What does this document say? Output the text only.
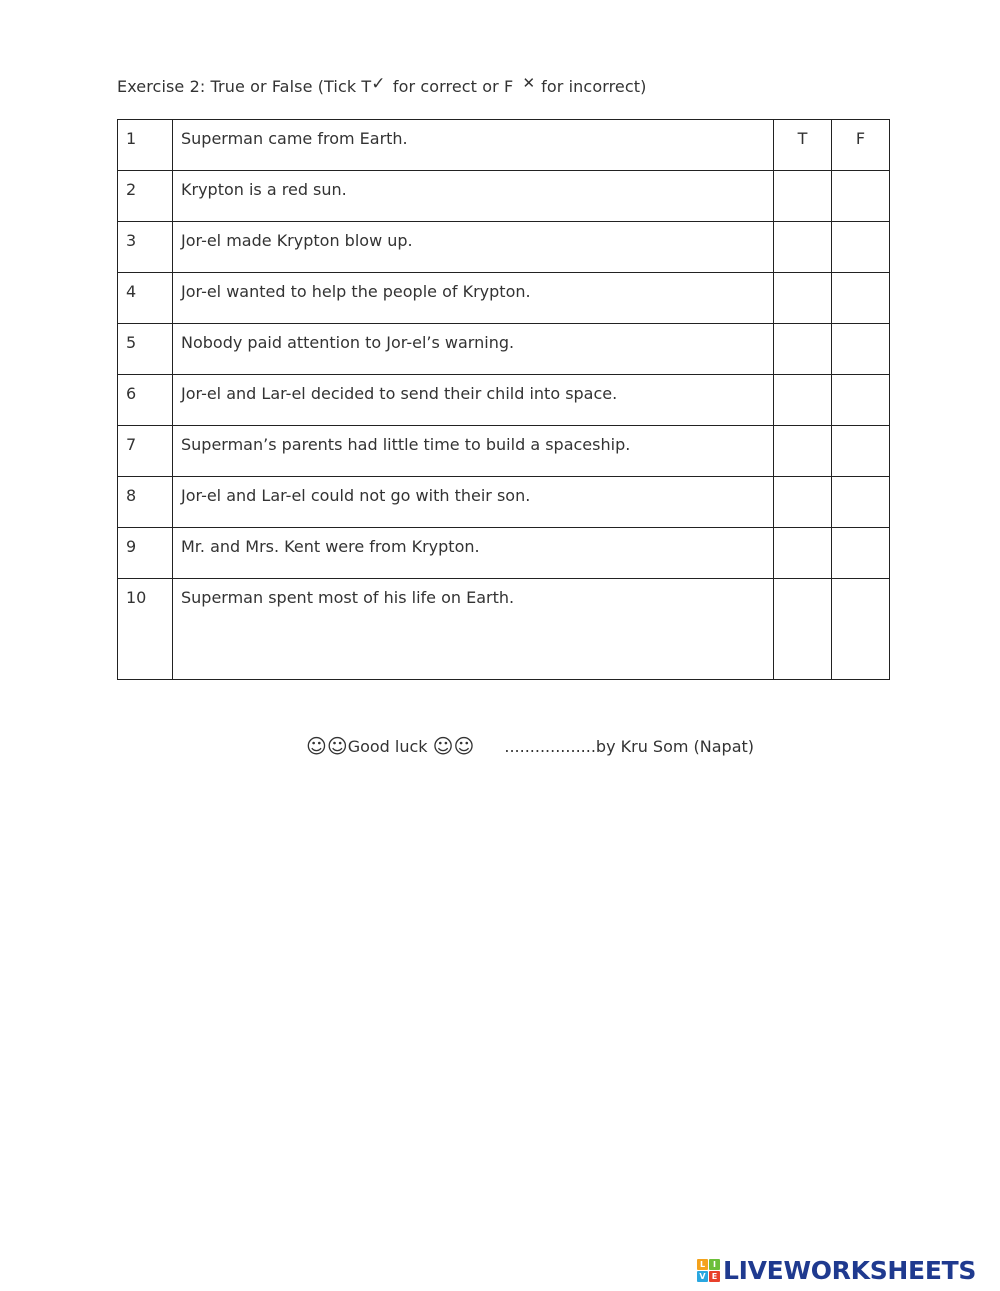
Exercise 2: True or False (Tick T✓ for correct or F ✕ for incorrect)
1	Superman came from Earth.	T	F
2	Krypton is a red sun.		
3	Jor-el made Krypton blow up.		
4	Jor-el wanted to help the people of Krypton.		
5	Nobody paid attention to Jor-el’s warning.		
6	Jor-el and Lar-el decided to send their child into space.		
7	Superman’s parents had little time to build a spaceship.		
8	Jor-el and Lar-el could not go with their son.		
9	Mr. and Mrs. Kent were from Krypton.		
10	Superman spent most of his life on Earth.		
☺☺Good luck ☺☺ ..................by Kru Som (Napat)
L I
V E LIVEWORKSHEETS
